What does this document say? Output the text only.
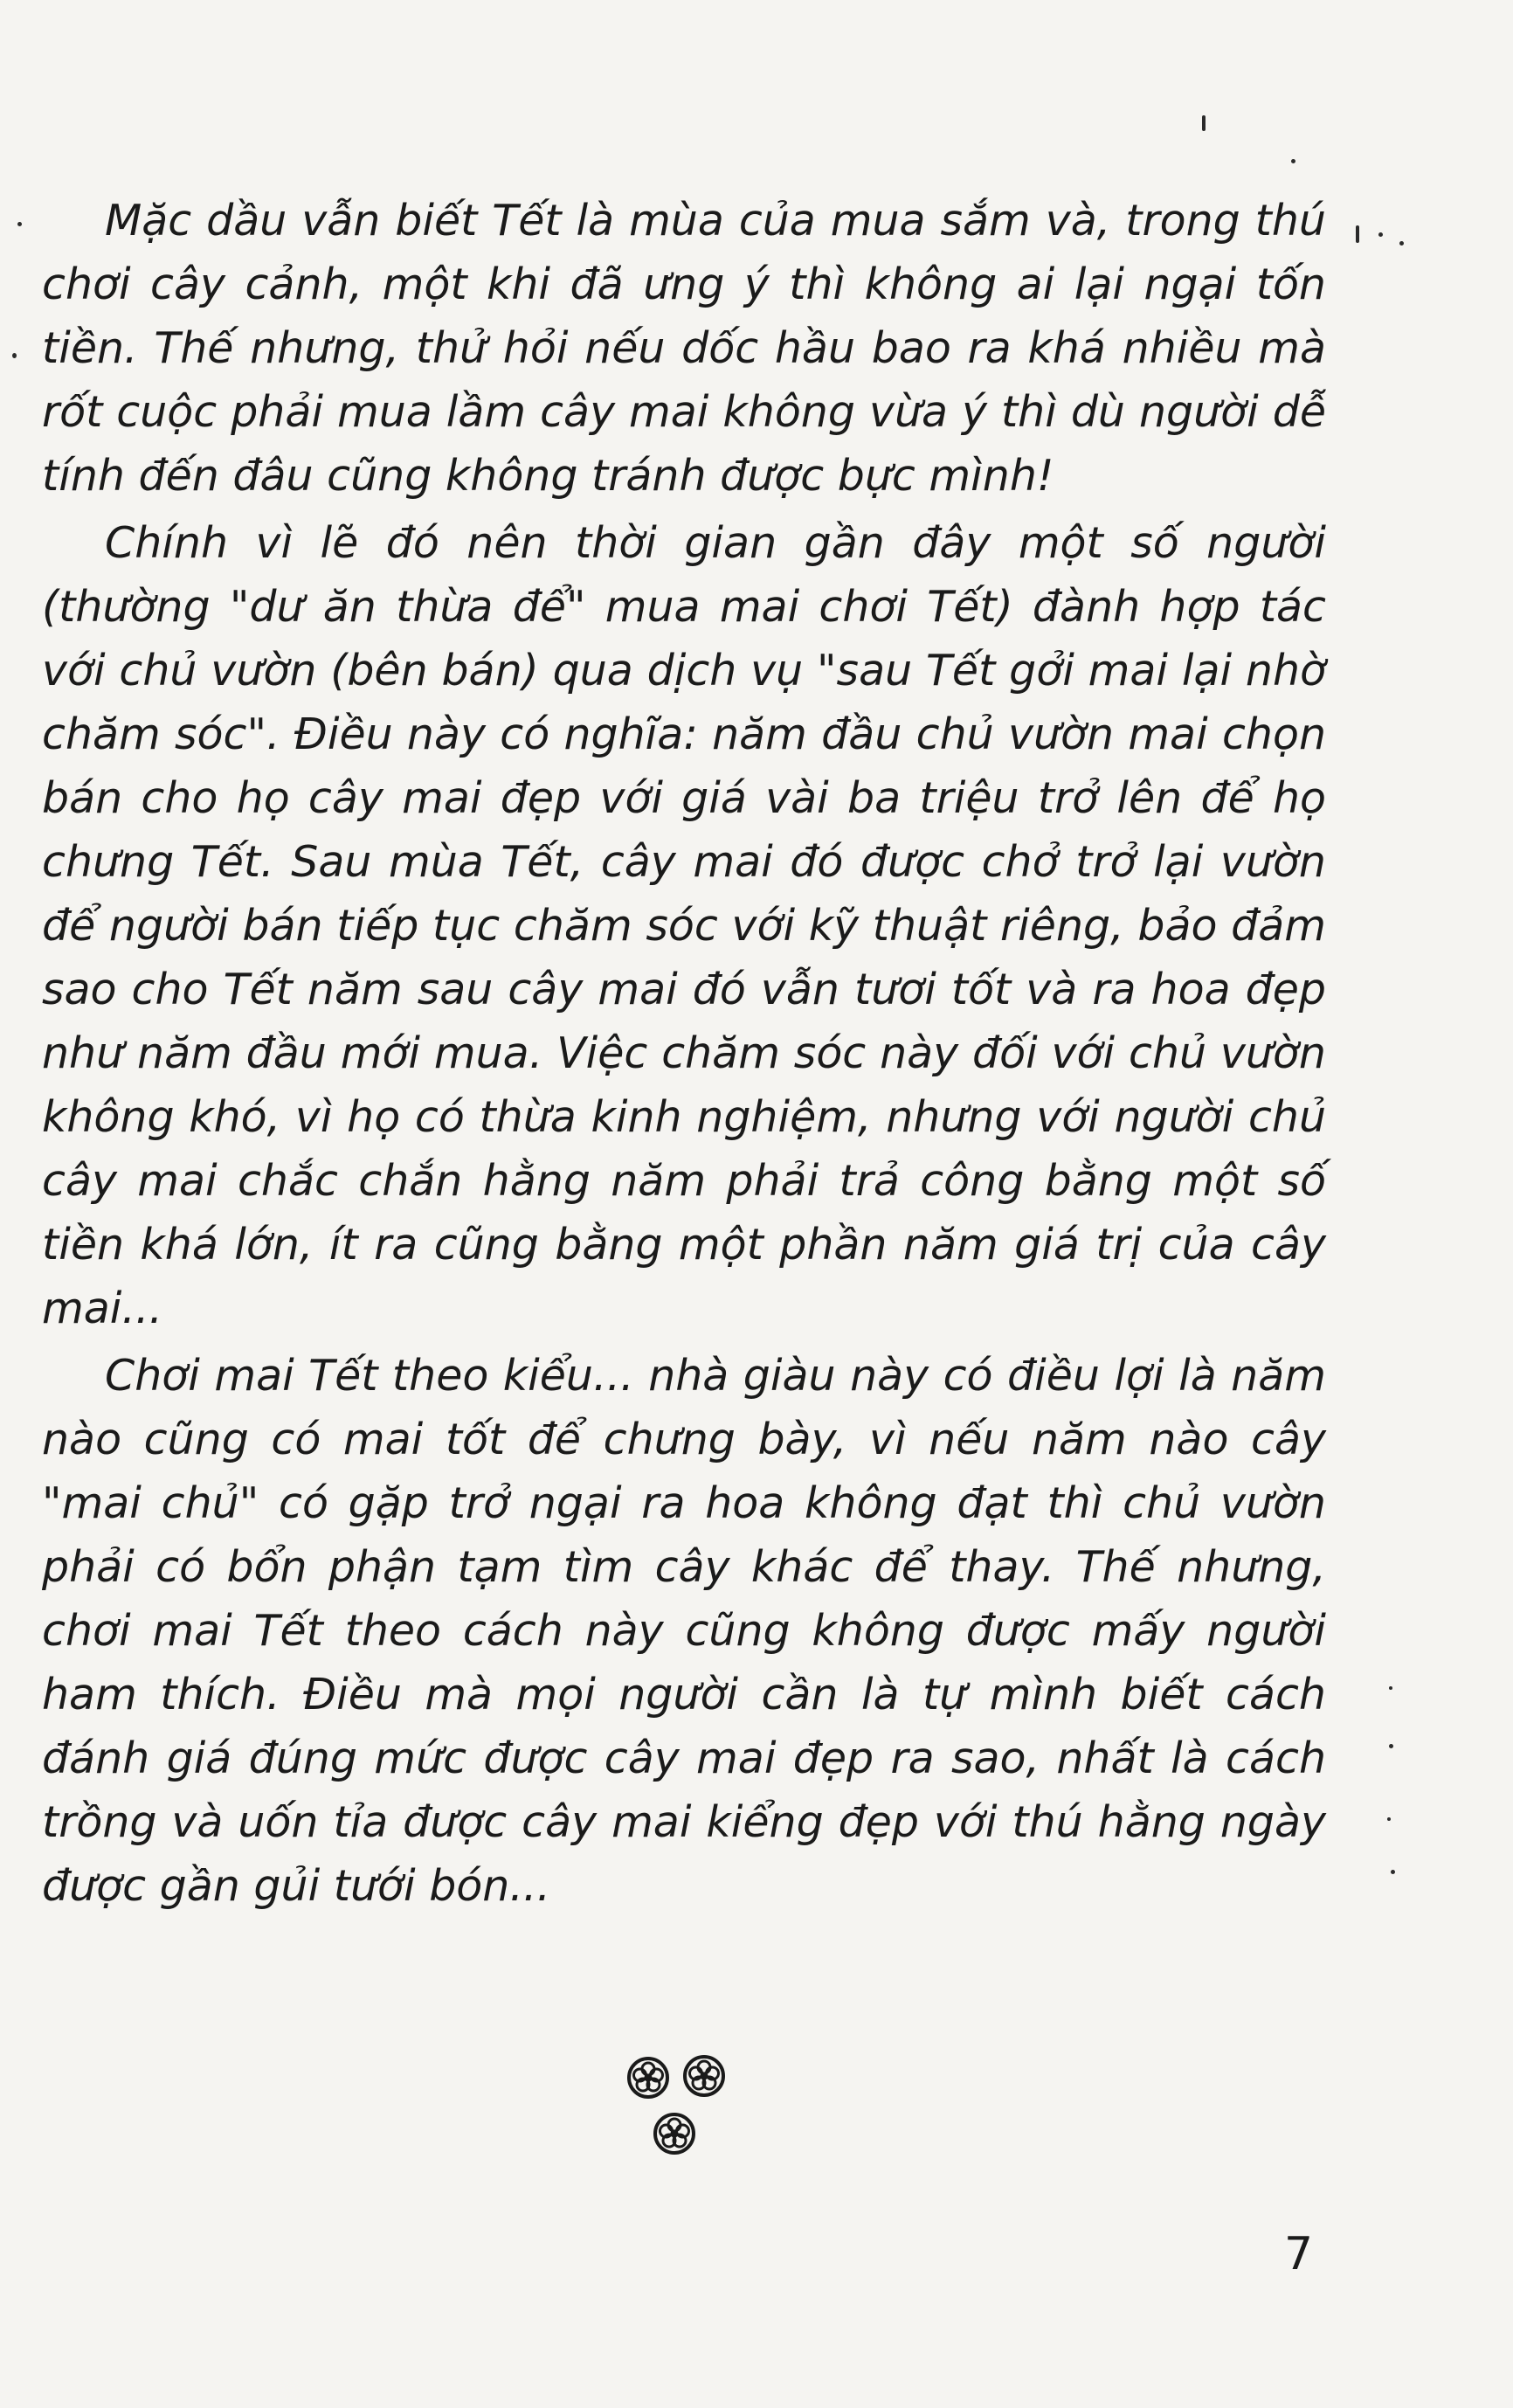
Mặc dầu vẫn biết Tết là mùa của mua sắm và, trong thú chơi cây cảnh, một khi đã ưng ý thì không ai lại ngại tốn tiền. Thế nhưng, thử hỏi nếu dốc hầu bao ra khá nhiều mà rốt cuộc phải mua lầm cây mai không vừa ý thì dù người dễ tính đến đâu cũng không tránh được bực mình!

Chính vì lẽ đó nên thời gian gần đây một số người (thường "dư ăn thừa để" mua mai chơi Tết) đành hợp tác với chủ vườn (bên bán) qua dịch vụ "sau Tết gởi mai lại nhờ chăm sóc". Điều này có nghĩa: năm đầu chủ vườn mai chọn bán cho họ cây mai đẹp với giá vài ba triệu trở lên để họ chưng Tết. Sau mùa Tết, cây mai đó được chở trở lại vườn để người bán tiếp tục chăm sóc với kỹ thuật riêng, bảo đảm sao cho Tết năm sau cây mai đó vẫn tươi tốt và ra hoa đẹp như năm đầu mới mua. Việc chăm sóc này đối với chủ vườn không khó, vì họ có thừa kinh nghiệm, nhưng với người chủ cây mai chắc chắn hằng năm phải trả công bằng một số tiền khá lớn, ít ra cũng bằng một phần năm giá trị của cây mai...

Chơi mai Tết theo kiểu... nhà giàu này có điều lợi là năm nào cũng có mai tốt để chưng bày, vì nếu năm nào cây "mai chủ" có gặp trở ngại ra hoa không đạt thì chủ vườn phải có bổn phận tạm tìm cây khác để thay. Thế nhưng, chơi mai Tết theo cách này cũng không được mấy người ham thích. Điều mà mọi người cần là tự mình biết cách đánh giá đúng mức được cây mai đẹp ra sao, nhất là cách trồng và uốn tỉa được cây mai kiểng đẹp với thú hằng ngày được gần gủi tưới bón...

7
